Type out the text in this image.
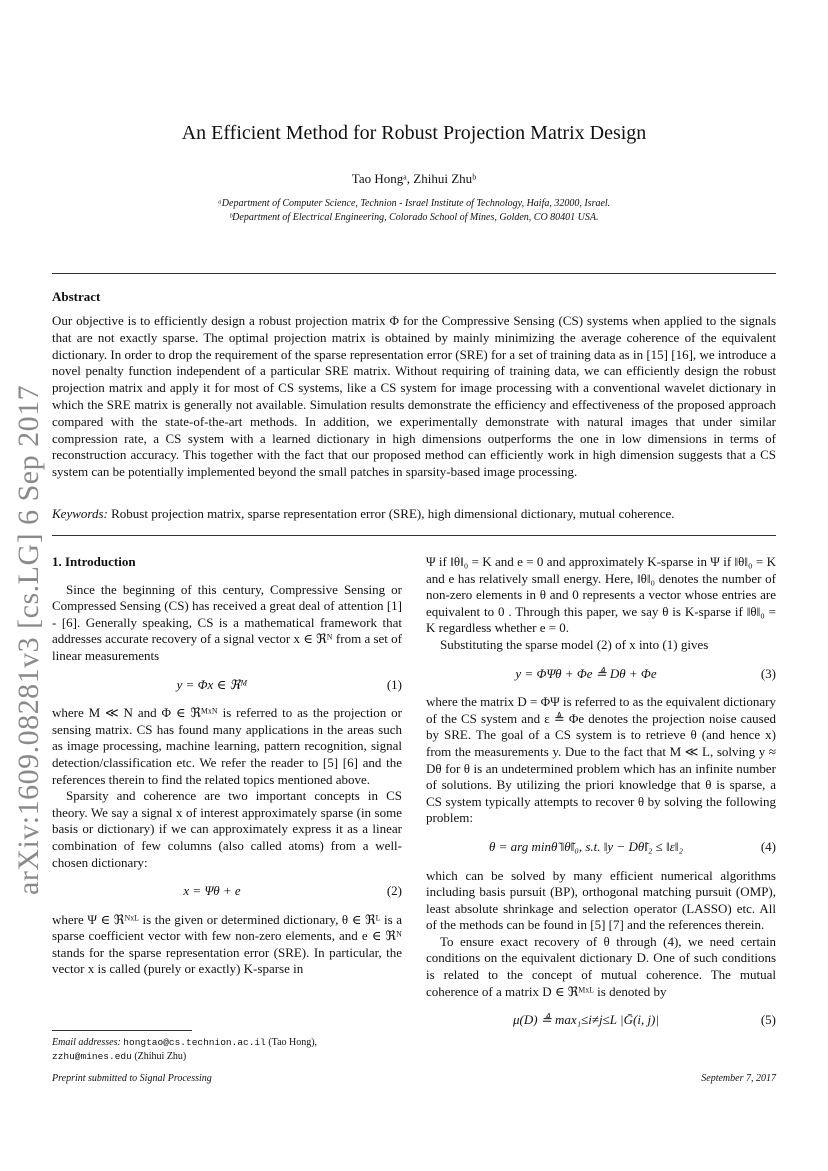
An Efficient Method for Robust Projection Matrix Design
Tao Hongᵃ, Zhihui Zhuᵇ
ᵃDepartment of Computer Science, Technion - Israel Institute of Technology, Haifa, 32000, Israel.
ᵇDepartment of Electrical Engineering, Colorado School of Mines, Golden, CO 80401 USA.
Abstract
Our objective is to efficiently design a robust projection matrix Φ for the Compressive Sensing (CS) systems when applied to the signals that are not exactly sparse. The optimal projection matrix is obtained by mainly minimizing the average coherence of the equivalent dictionary. In order to drop the requirement of the sparse representation error (SRE) for a set of training data as in [15] [16], we introduce a novel penalty function independent of a particular SRE matrix. Without requiring of training data, we can efficiently design the robust projection matrix and apply it for most of CS systems, like a CS system for image processing with a conventional wavelet dictionary in which the SRE matrix is generally not available. Simulation results demonstrate the efficiency and effectiveness of the proposed approach compared with the state-of-the-art methods. In addition, we experimentally demonstrate with natural images that under similar compression rate, a CS system with a learned dictionary in high dimensions outperforms the one in low dimensions in terms of reconstruction accuracy. This together with the fact that our proposed method can efficiently work in high dimension suggests that a CS system can be potentially implemented beyond the small patches in sparsity-based image processing.
Keywords: Robust projection matrix, sparse representation error (SRE), high dimensional dictionary, mutual coherence.
arXiv:1609.08281v3 [cs.LG] 6 Sep 2017 1. Introduction

Since the beginning of this century, Compressive Sensing or Compressed Sensing (CS) has received a great deal of attention [1] - [6]. Generally speaking, CS is a mathematical framework that addresses accurate recovery of a signal vector x ∈ ℜᴺ from a set of linear measurements

y = Φx ∈ ℜᴹ	(1)

where M ≪ N and Φ ∈ ℜᴹˣᴺ is referred to as the projection or sensing matrix. CS has found many applications in the areas such as image processing, machine learning, pattern recognition, signal detection/classification etc. We refer the reader to [5] [6] and the references therein to find the related topics mentioned above.

Sparsity and coherence are two important concepts in CS theory. We say a signal x of interest approximately sparse (in some basis or dictionary) if we can approximately express it as a linear combination of few columns (also called atoms) from a well-chosen dictionary:

x = Ψθ + e	(2)

where Ψ ∈ ℜᴺˣᴸ is the given or determined dictionary, θ ∈ ℜᴸ is a sparse coefficient vector with few non-zero elements, and e ∈ ℜᴺ stands for the sparse representation error (SRE). In particular, the vector x is called (purely or exactly) K-sparse in

Ψ if ‖θ‖₀ = K and e = 0 and approximately K-sparse in Ψ if ‖θ‖₀ = K and e has relatively small energy. Here, ‖θ‖₀ denotes the number of non-zero elements in θ and 0 represents a vector whose entries are equivalent to 0 . Through this paper, we say θ is K-sparse if ‖θ‖₀ = K regardless whether e = 0.

Substituting the sparse model (2) of x into (1) gives

y = ΦΨθ + Φe ≜ Dθ + Φe	(3)

where the matrix D = ΦΨ is referred to as the equivalent dictionary of the CS system and ε ≜ Φe denotes the projection noise caused by SRE. The goal of a CS system is to retrieve θ (and hence x) from the measurements y. Due to the fact that M ≪ L, solving y ≈ Dθ for θ is an undetermined problem which has an infinite number of solutions. By utilizing the priori knowledge that θ is sparse, a CS system typically attempts to recover θ by solving the following problem:

θ = arg minθ̃ ‖θ̃‖₀, s.t. ‖y − Dθ̃‖₂ ≤ ‖ε‖₂	(4)

which can be solved by many efficient numerical algorithms including basis pursuit (BP), orthogonal matching pursuit (OMP), least absolute shrinkage and selection operator (LASSO) etc. All of the methods can be found in [5] [7] and the references therein.

To ensure exact recovery of θ through (4), we need certain conditions on the equivalent dictionary D. One of such conditions is related to the concept of mutual coherence. The mutual coherence of a matrix D ∈ ℜᴹˣᴸ is denoted by

μ(D) ≜ max₁≤i≠j≤L |Ḡ(i, j)|	(5)
Email addresses: hongtao@cs.technion.ac.il (Tao Hong),
zzhu@mines.edu (Zhihui Zhu)
Preprint submitted to Signal Processing	September 7, 2017
